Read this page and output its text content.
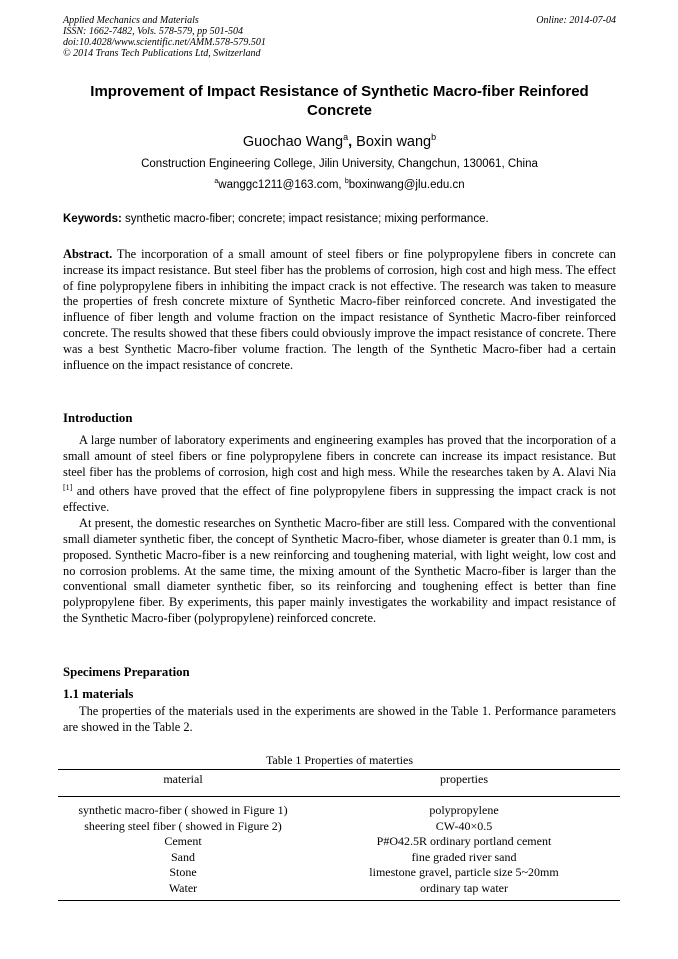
Applied Mechanics and Materials
ISSN: 1662-7482, Vols. 578-579, pp 501-504
doi:10.4028/www.scientific.net/AMM.578-579.501
© 2014 Trans Tech Publications Ltd, Switzerland
Online: 2014-07-04
Improvement of Impact Resistance of Synthetic Macro-fiber Reinfored Concrete
Guochao Wang$^a$, Boxin wang$^b$
Construction Engineering College, Jilin University, Changchun, 130061, China
$^a$wanggc1211@163.com, $^b$boxinwang@jlu.edu.cn
Keywords: synthetic macro-fiber; concrete; impact resistance; mixing performance.
Abstract. The incorporation of a small amount of steel fibers or fine polypropylene fibers in concrete can increase its impact resistance. But steel fiber has the problems of corrosion, high cost and high mess. The effect of fine polypropylene fibers in inhibiting the impact crack is not effective. The research was taken to measure the properties of fresh concrete mixture of Synthetic Macro-fiber reinforced concrete. And investigated the influence of fiber length and volume fraction on the impact resistance of Synthetic Macro-fiber reinforced concrete. The results showed that these fibers could obviously improve the impact resistance of concrete. There was a best Synthetic Macro-fiber volume fraction. The length of the Synthetic Macro-fiber had a certain influence on the impact resistance of concrete.
Introduction

A large number of laboratory experiments and engineering examples has proved that the incorporation of a small amount of steel fibers or fine polypropylene fibers in concrete can increase its impact resistance. But steel fiber has the problems of corrosion, high cost and high mess. While the researches taken by A. Alavi Nia [1] and others have proved that the effect of fine polypropylene fibers in suppressing the impact crack is not effective.

At present, the domestic researches on Synthetic Macro-fiber are still less. Compared with the conventional small diameter synthetic fiber, the concept of Synthetic Macro-fiber, whose diameter is greater than 0.1 mm, is proposed. Synthetic Macro-fiber is a new reinforcing and toughening material, with light weight, low cost and no corrosion problems. At the same time, the mixing amount of the Synthetic Macro-fiber is larger than the conventional small diameter synthetic fiber, so its reinforcing and toughening effect is better than fine polypropylene fiber. By experiments, this paper mainly investigates the workability and impact resistance of the Synthetic Macro-fiber (polypropylene) reinforced concrete.

Specimens Preparation
1.1 materials

The properties of the materials used in the experiments are showed in the Table 1. Performance parameters are showed in the Table 2.

Table 1 Properties of materties
material	properties
synthetic macro-fiber ( showed in Figure 1)	polypropylene
sheering steel fiber ( showed in Figure 2)	CW-40×0.5
Cement	P#O42.5R ordinary portland cement
Sand	fine graded river sand
Stone	limestone gravel, particle size 5~20mm
Water	ordinary tap water
